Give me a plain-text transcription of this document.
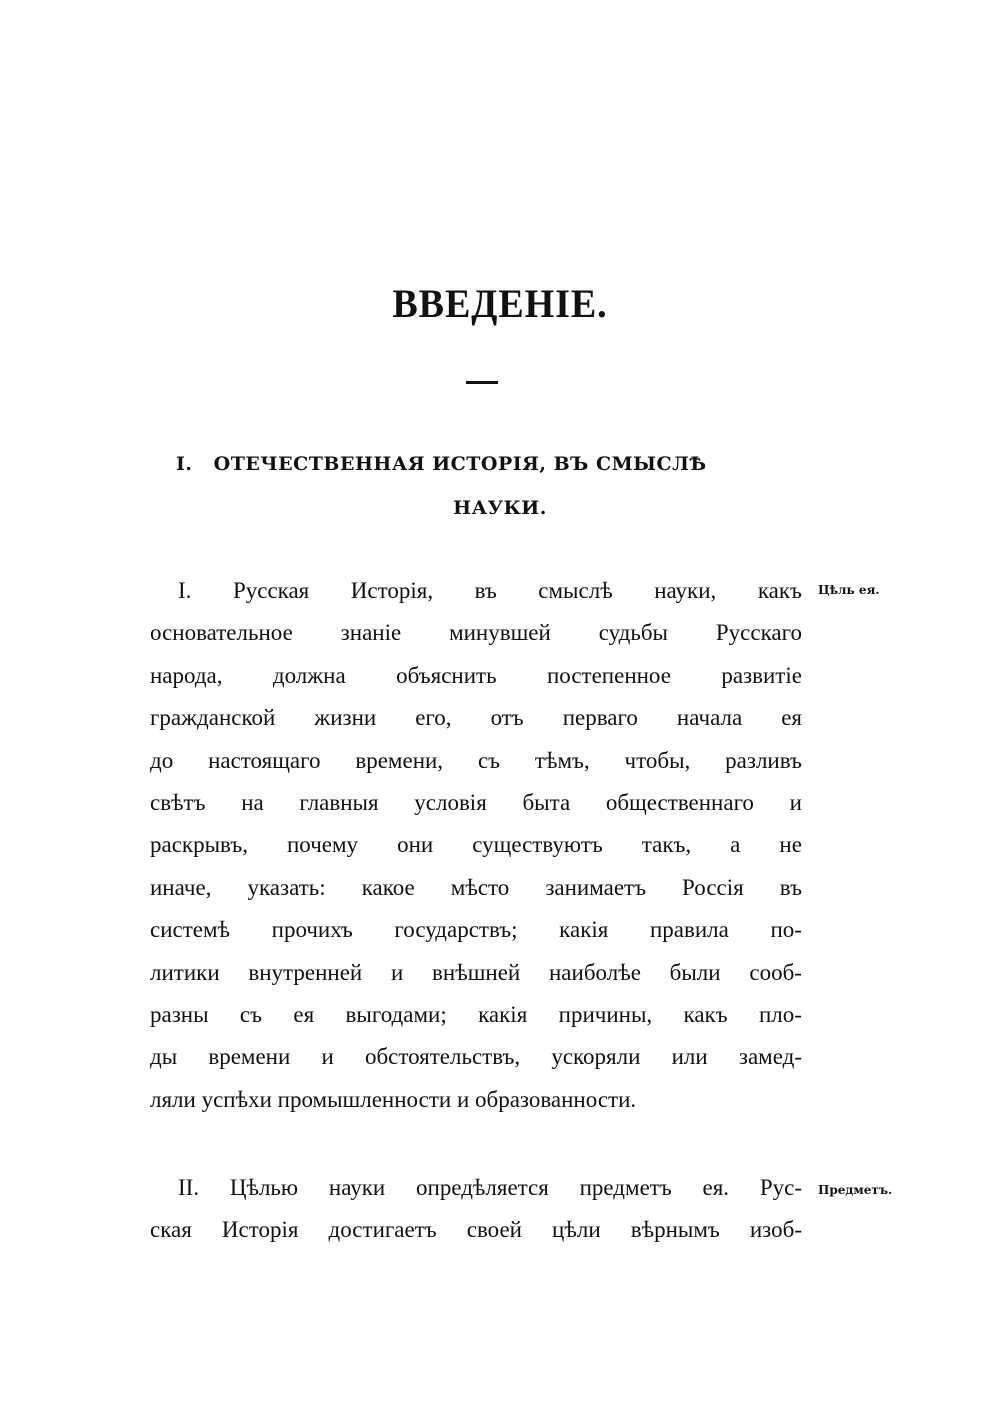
ВВЕДЕНІЕ.
I. ОТЕЧЕСТВЕННАЯ ИСТОРІЯ, ВЪ СМЫСЛѢ
НАУКИ.
I. Русская Исторія, въ смыслѣ науки, какъ
основательное знаніе минувшей судьбы Русскаго
народа, должна объяснить постепенное развитіе
гражданской жизни его, отъ перваго начала ея
до настоящаго времени, съ тѣмъ, чтобы, разливъ
свѣтъ на главныя условія быта общественнаго и
раскрывъ, почему они существуютъ такъ, а не
иначе, указать: какое мѣсто занимаетъ Россія въ
системѣ прочихъ государствъ; какія правила по-
литики внутренней и внѣшней наиболѣе были сооб-
разны съ ея выгодами; какія причины, какъ пло-
ды времени и обстоятельствъ, ускоряли или замед-
ляли успѣхи промышленности и образованности.
Цѣль ея.
II. Цѣлью науки опредѣляется предметъ ея. Рус-
ская Исторія достигаетъ своей цѣли вѣрнымъ изоб-
Предметъ.
